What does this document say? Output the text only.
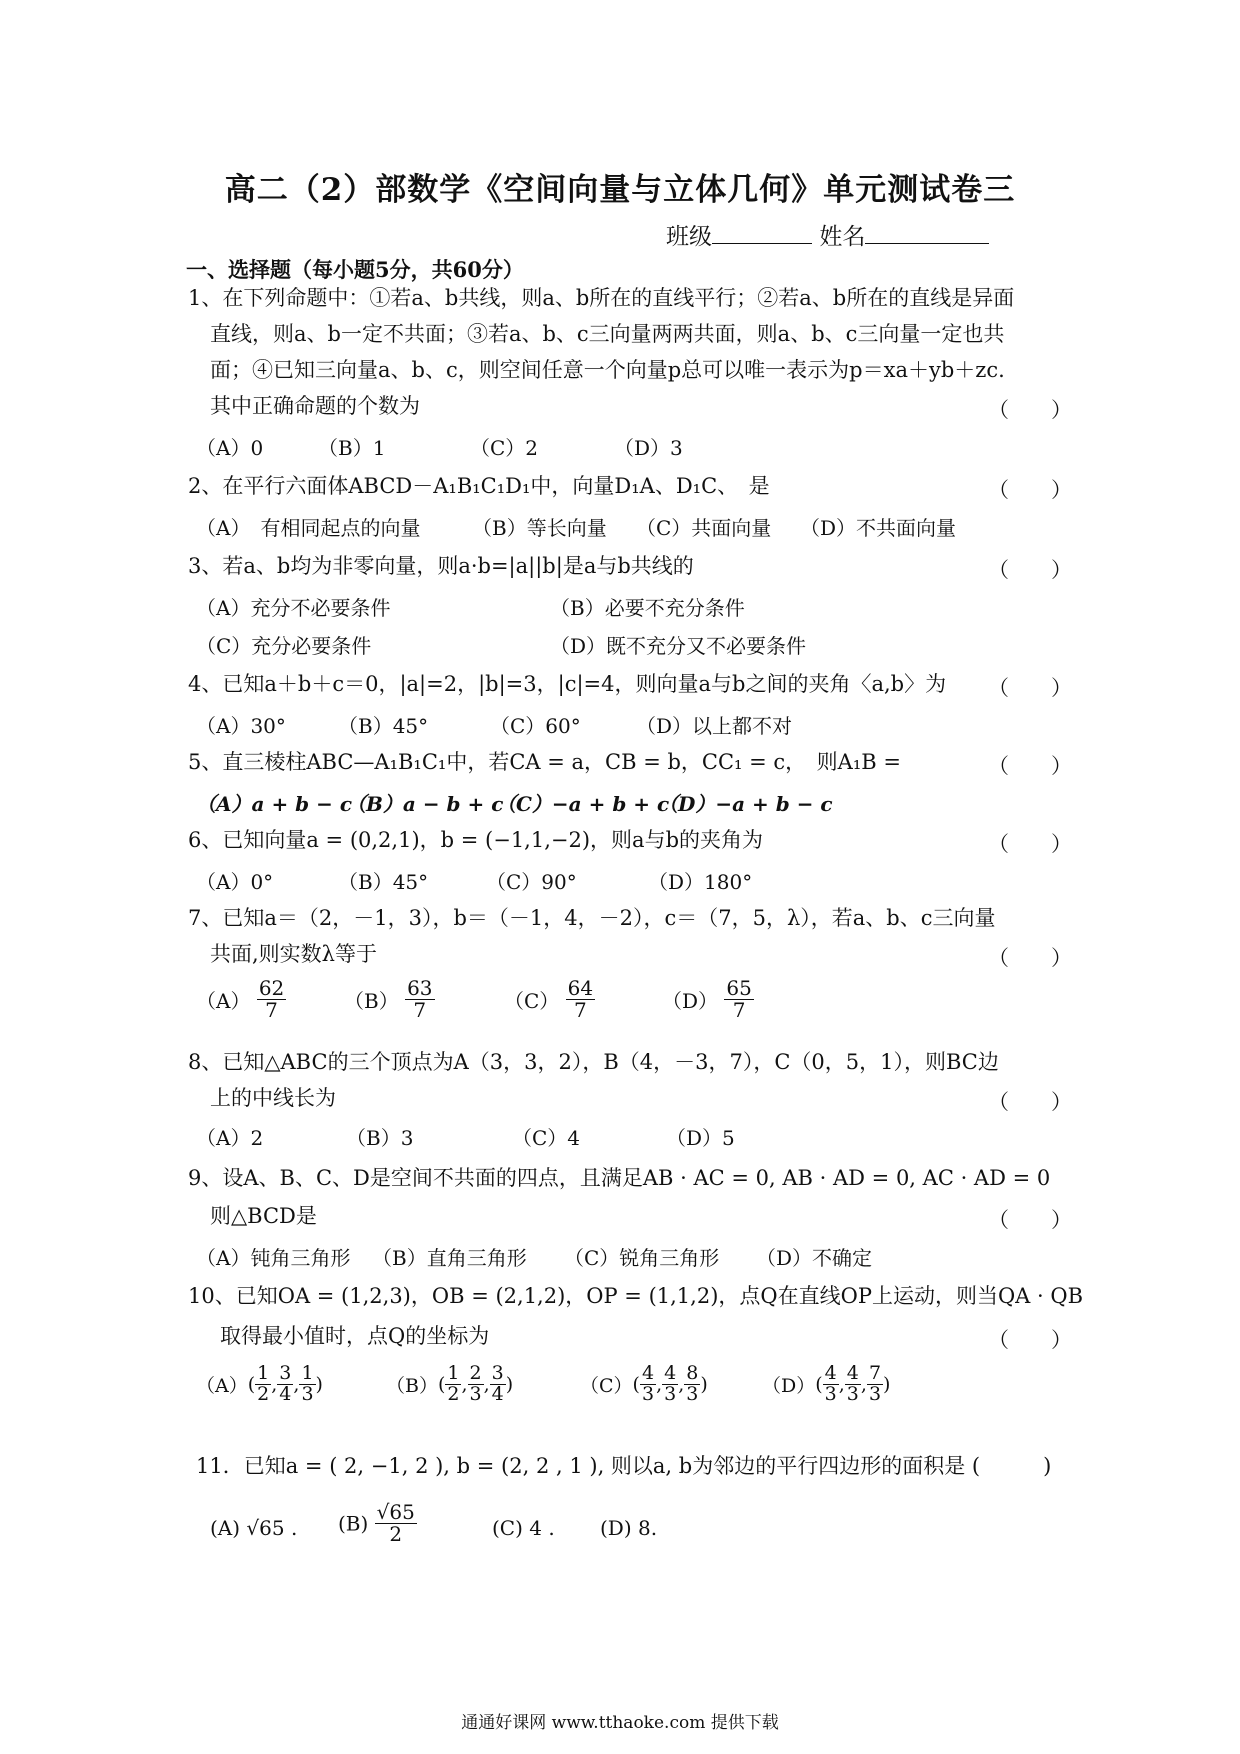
高二（2）部数学《空间向量与立体几何》单元测试卷三
班级	姓名
一、选择题（每小题5分，共60分）
1、在下列命题中：①若a、b共线，则a、b所在的直线平行；②若a、b所在的直线是异面
直线，则a、b一定不共面；③若a、b、c三向量两两共面，则a、b、c三向量一定也共
面；④已知三向量a、b、c，则空间任意一个向量p总可以唯一表示为p＝xa＋yb＋zc.
其中正确命题的个数为	（　　）
（A）0	（B）1	（C）2	（D）3
2、在平行六面体ABCD－A₁B₁C₁D₁中，向量D₁A、D₁C、　是	（　　）
（A）　有相同起点的向量	（B）等长向量 （C）共面向量 （D）不共面向量
3、若a、b均为非零向量，则a·b=|a||b|是a与b共线的	（　　）
（A）充分不必要条件	（B）必要不充分条件
（C）充分必要条件	（D）既不充分又不必要条件
4、已知a＋b＋c＝0，|a|=2，|b|=3，|c|=4，则向量a与b之间的夹角〈a,b〉为 （　　）
（A）30°	（B）45°	（C）60°	（D）以上都不对
5、直三棱柱ABC—A₁B₁C₁中，若CA = a，CB = b，CC₁ = c，　则A₁B =	（　　）
（A）a + b − c
（B）a − b + c
（C）−a + b + c
（D）−a + b − c
6、已知向量a = (0,2,1)，b = (−1,1,−2)，则a与b的夹角为	（　　）
（A）0°	（B）45°	（C）90°	（D）180°
7、已知a＝（2，－1，3），b＝（－1，4，－2），c＝（7，5，λ），若a、b、c三向量
共面,则实数λ等于	（　　）
$(A) \frac{62}{7}$	$(B) \frac{63}{7}$	$(C) \frac{64}{7}$	$(D) \frac{65}{7}$
8、已知△ABC的三个顶点为A（3，3，2），B（4，－3，7），C（0，5，1），则BC边
上的中线长为	（　　）
（A）2	（B）3	（C）4	（D）5
9、设A、B、C、D是空间不共面的四点，且满足AB · AC = 0, AB · AD = 0, AC · AD = 0
则△BCD是	（　　）
（A）钝角三角形 （B）直角三角形 （C）锐角三角形 （D）不确定
10、已知OA = (1,2,3)，OB = (2,1,2)，OP = (1,1,2)，点Q在直线OP上运动，则当QA · QB
取得最小值时，点Q的坐标为	（　　）
$(A)( \frac{1}{2}$ , $\frac{3}{4}$ , $\frac{1}{3}$ )	$(B)( \frac{1}{2}$ , $\frac{2}{3}$ , $\frac{3}{4}$ )	$(C)( \frac{4}{3}$ , $\frac{4}{3}$ , $\frac{8}{3}$ )	$(D)( \frac{4}{3}$ , $\frac{4}{3}$ , $\frac{7}{3}$ )
11．已知a = ( 2, −1, 2 ), b = (2, 2 , 1 ), 则以a, b为邻边的平行四边形的面积是 (　　　)
(A) √65 . $(B) \frac{√65}{2}$	(C) 4 . (D) 8.
通通好课网 www.tthaoke.com 提供下载
